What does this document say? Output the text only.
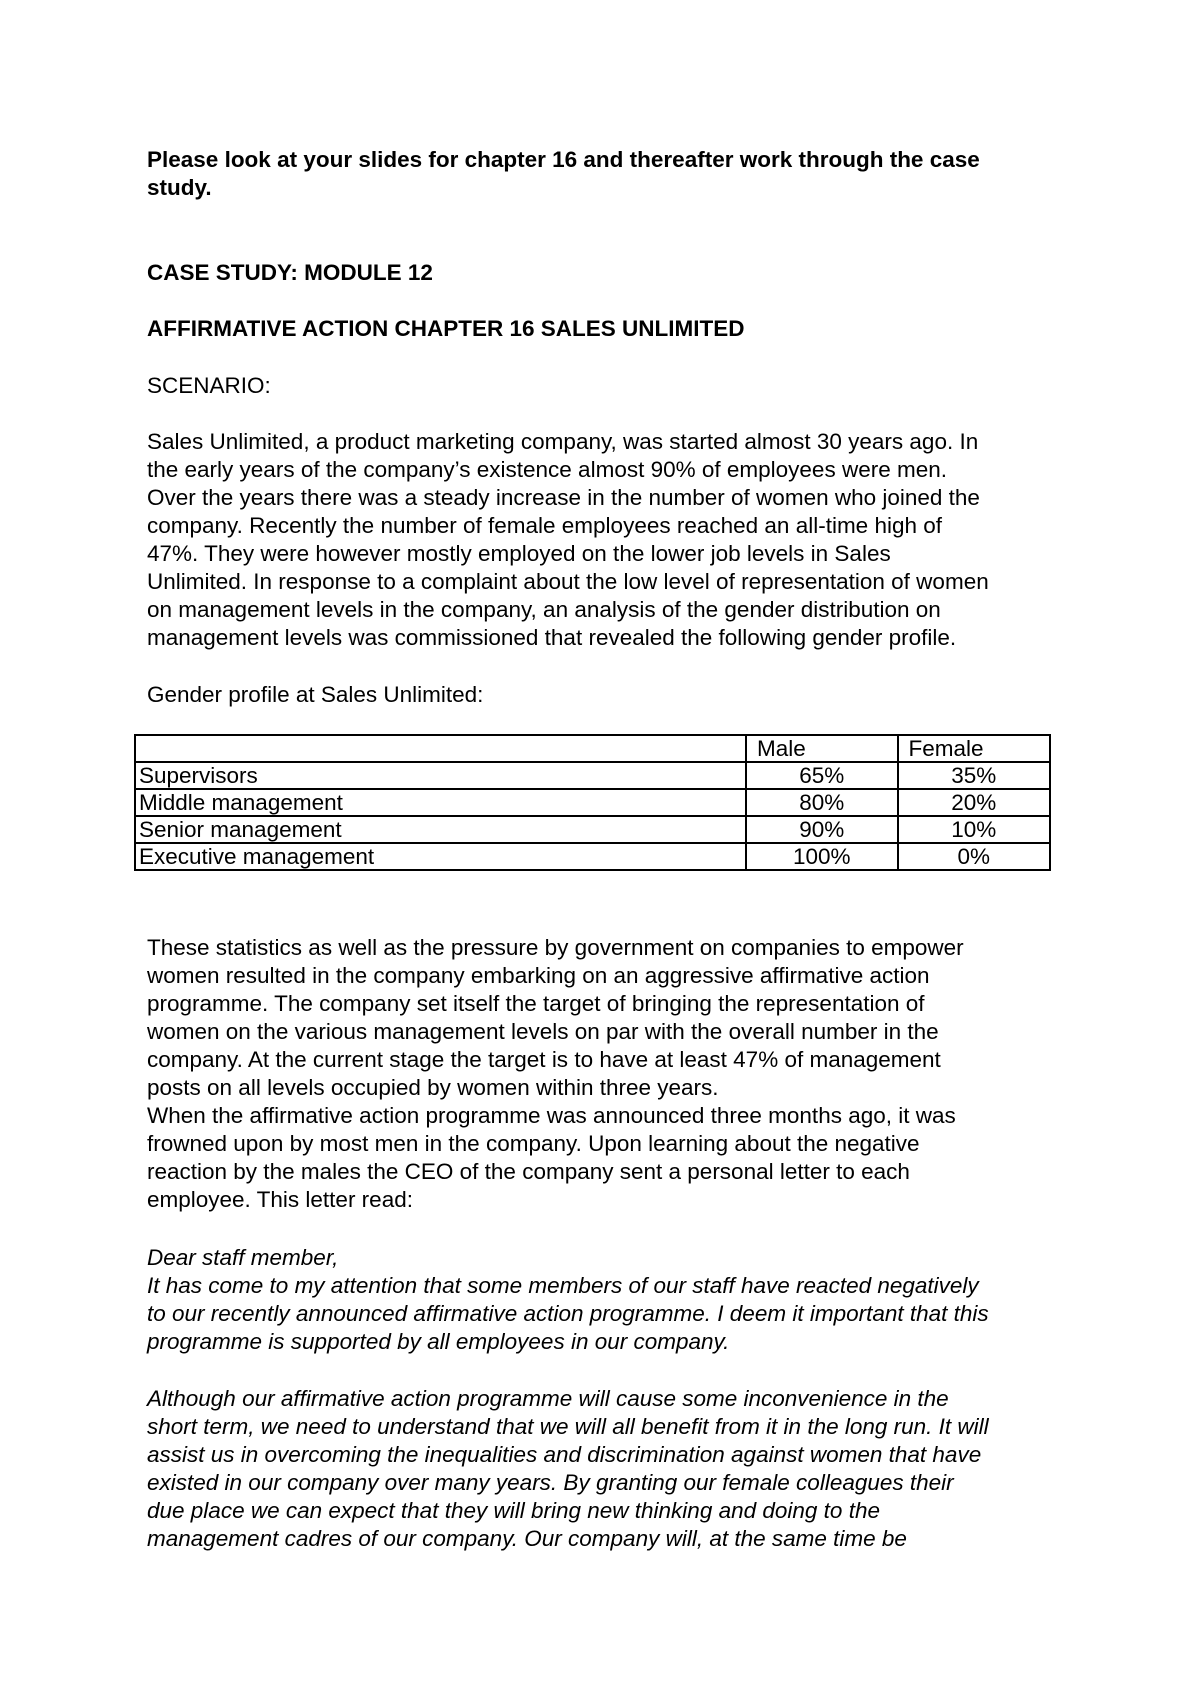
Please look at your slides for chapter 16 and thereafter work through the case
study.

CASE STUDY: MODULE 12

AFFIRMATIVE ACTION CHAPTER 16 SALES UNLIMITED

SCENARIO:

Sales Unlimited, a product marketing company, was started almost 30 years ago. In
the early years of the company’s existence almost 90% of employees were men.
Over the years there was a steady increase in the number of women who joined the
company. Recently the number of female employees reached an all-time high of
47%. They were however mostly employed on the lower job levels in Sales
Unlimited. In response to a complaint about the low level of representation of women
on management levels in the company, an analysis of the gender distribution on
management levels was commissioned that revealed the following gender profile.

Gender profile at Sales Unlimited:

	Male	Female
Supervisors	65%	35%
Middle management	80%	20%
Senior management	90%	10%
Executive management	100%	0%

These statistics as well as the pressure by government on companies to empower
women resulted in the company embarking on an aggressive affirmative action
programme. The company set itself the target of bringing the representation of
women on the various management levels on par with the overall number in the
company. At the current stage the target is to have at least 47% of management
posts on all levels occupied by women within three years.
When the affirmative action programme was announced three months ago, it was
frowned upon by most men in the company. Upon learning about the negative
reaction by the males the CEO of the company sent a personal letter to each
employee. This letter read:

Dear staff member,
It has come to my attention that some members of our staff have reacted negatively
to our recently announced affirmative action programme. I deem it important that this
programme is supported by all employees in our company.

Although our affirmative action programme will cause some inconvenience in the
short term, we need to understand that we will all benefit from it in the long run. It will
assist us in overcoming the inequalities and discrimination against women that have
existed in our company over many years. By granting our female colleagues their
due place we can expect that they will bring new thinking and doing to the
management cadres of our company. Our company will, at the same time be
